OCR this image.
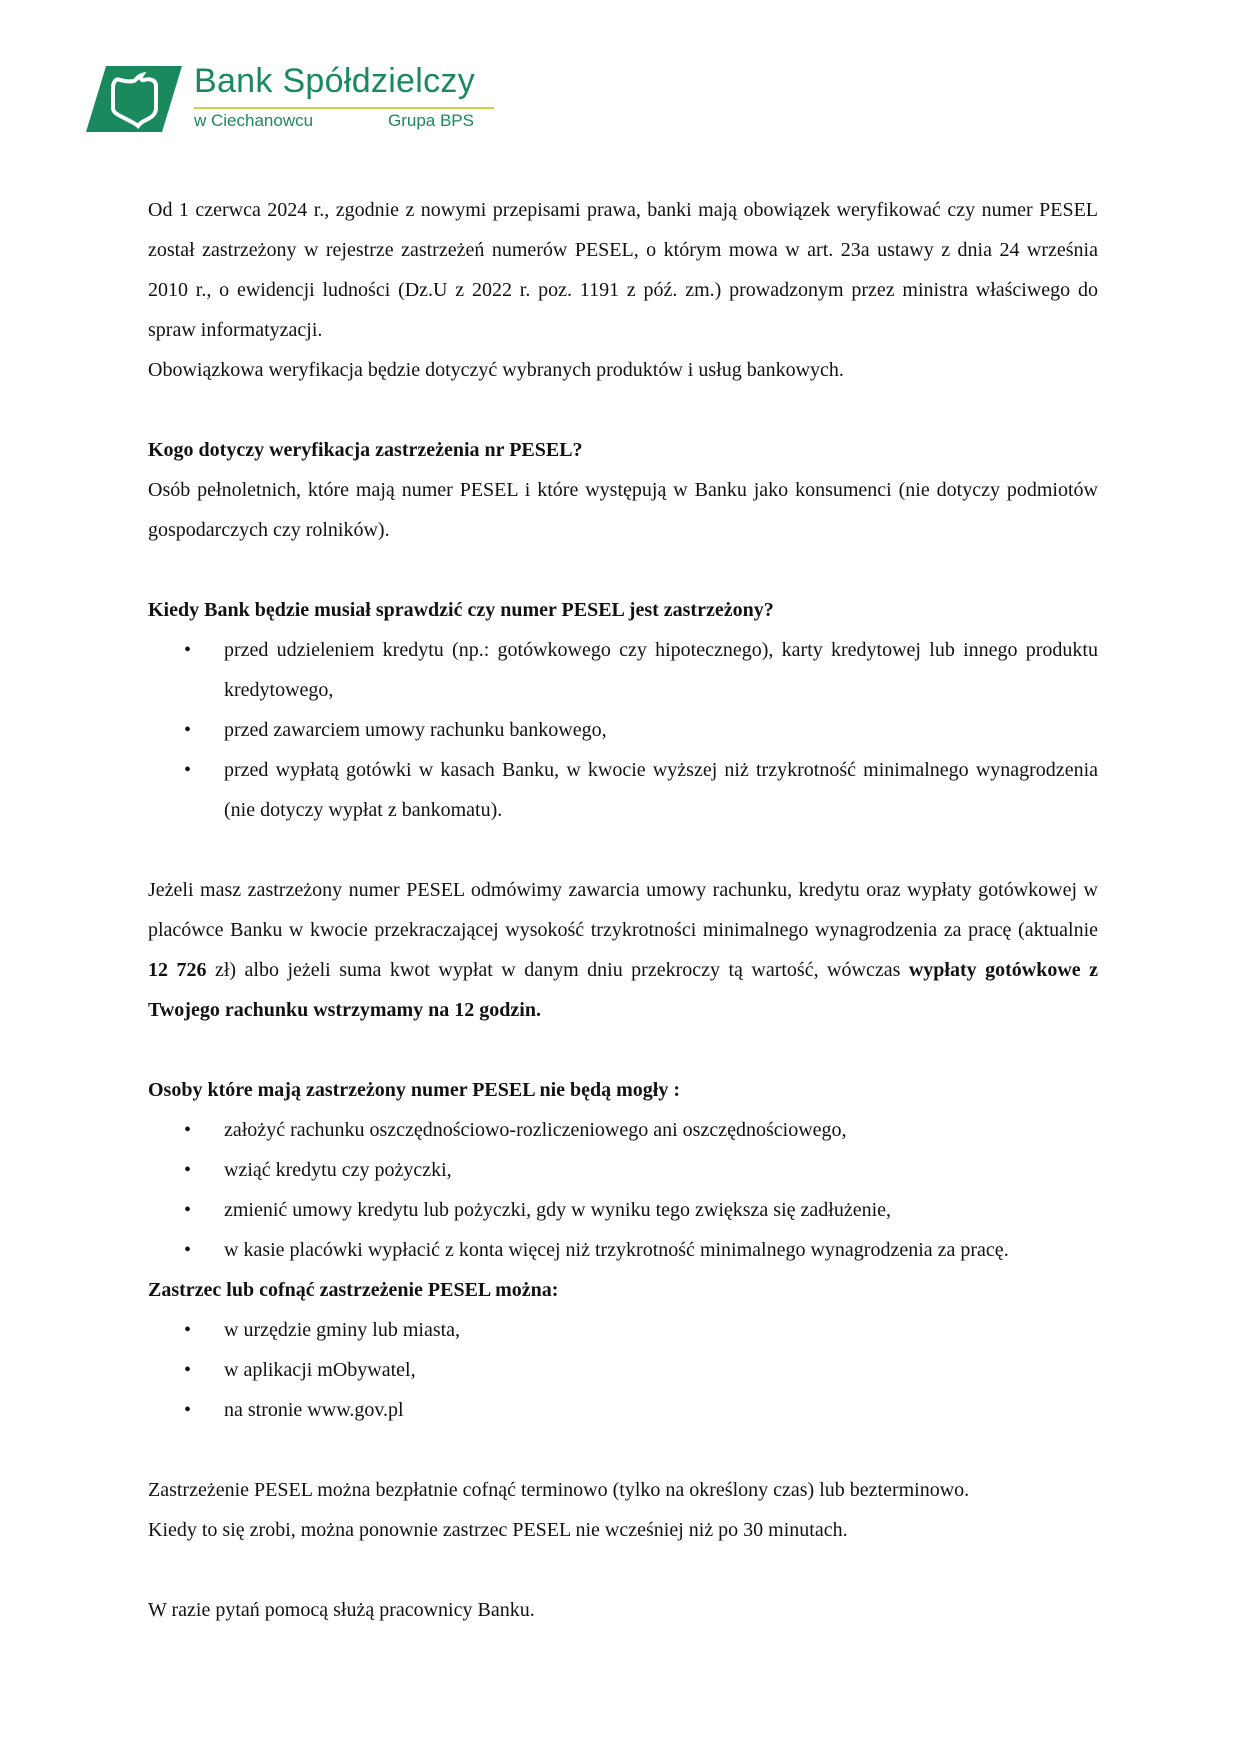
Bank Spółdzielczy
w Ciechanowcu	Grupa BPS

Od 1 czerwca 2024 r., zgodnie z nowymi przepisami prawa, banki mają obowiązek weryfikować czy numer PESEL został zastrzeżony w rejestrze zastrzeżeń numerów PESEL, o którym mowa w art. 23a ustawy z dnia 24 września 2010 r., o ewidencji ludności (Dz.U z 2022 r. poz. 1191 z póź. zm.) prowadzonym przez ministra właściwego do spraw informatyzacji.

Obowiązkowa weryfikacja będzie dotyczyć wybranych produktów i usług bankowych.

Kogo dotyczy weryfikacja zastrzeżenia nr PESEL?

Osób pełnoletnich, które mają numer PESEL i które występują w Banku jako konsumenci (nie dotyczy podmiotów gospodarczych czy rolników).

Kiedy Bank będzie musiał sprawdzić czy numer PESEL jest zastrzeżony?

• przed udzieleniem kredytu (np.: gotówkowego czy hipotecznego), karty kredytowej lub innego produktu kredytowego,
• przed zawarciem umowy rachunku bankowego,
• przed wypłatą gotówki w kasach Banku, w kwocie wyższej niż trzykrotność minimalnego wynagrodzenia (nie dotyczy wypłat z bankomatu).

Jeżeli masz zastrzeżony numer PESEL odmówimy zawarcia umowy rachunku, kredytu oraz wypłaty gotówkowej w placówce Banku w kwocie przekraczającej wysokość trzykrotności minimalnego wynagrodzenia za pracę (aktualnie 12 726 zł) albo jeżeli suma kwot wypłat w danym dniu przekroczy tą wartość, wówczas wypłaty gotówkowe z Twojego rachunku wstrzymamy na 12 godzin.

Osoby które mają zastrzeżony numer PESEL nie będą mogły :

• założyć rachunku oszczędnościowo-rozliczeniowego ani oszczędnościowego,
• wziąć kredytu czy pożyczki,
• zmienić umowy kredytu lub pożyczki, gdy w wyniku tego zwiększa się zadłużenie,
• w kasie placówki wypłacić z konta więcej niż trzykrotność minimalnego wynagrodzenia za pracę.

Zastrzec lub cofnąć zastrzeżenie PESEL można:

• w urzędzie gminy lub miasta,
• w aplikacji mObywatel,
• na stronie www.gov.pl

Zastrzeżenie PESEL można bezpłatnie cofnąć terminowo (tylko na określony czas) lub bezterminowo.

Kiedy to się zrobi, można ponownie zastrzec PESEL nie wcześniej niż po 30 minutach.

W razie pytań pomocą służą pracownicy Banku.
